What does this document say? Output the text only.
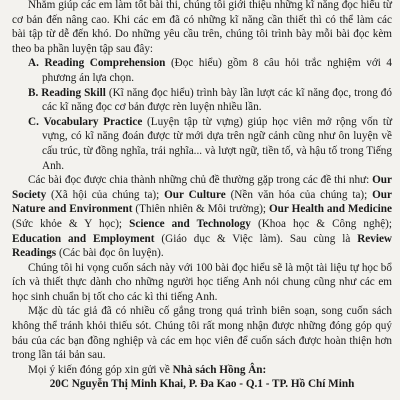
Nhằm giúp các em làm tốt bài thi, chúng tôi giới thiệu những kĩ năng đọc hiểu từ cơ bản đến nâng cao. Khi các em đã có những kĩ năng cần thiết thì có thể làm các bài tập từ dễ đến khó. Do những yêu cầu trên, chúng tôi trình bày mỗi bài đọc kèm theo ba phần luyện tập sau đây:

A. Reading Comprehension (Đọc hiểu) gồm 8 câu hỏi trắc nghiệm với 4 phương án lựa chọn.

B. Reading Skill (Kĩ năng đọc hiểu) trình bày lần lượt các kĩ năng đọc, trong đó các kĩ năng đọc cơ bản được rèn luyện nhiều lần.

C. Vocabulary Practice (Luyện tập từ vựng) giúp học viên mở rộng vốn từ vựng, có kĩ năng đoán được từ mới dựa trên ngữ cảnh cũng như ôn luyện về cấu trúc, từ đồng nghĩa, trái nghĩa... và lượt ngữ, tiền tố, và hậu tố trong Tiếng Anh.

Các bài đọc được chia thành những chủ đề thường gặp trong các đề thi như: Our Society (Xã hội của chúng ta); Our Culture (Nền văn hóa của chúng ta); Our Nature and Environment (Thiên nhiên & Môi trường); Our Health and Medicine (Sức khỏe & Y học); Science and Technology (Khoa học & Công nghệ); Education and Employment (Giáo dục & Việc làm). Sau cùng là Review Readings (Các bài đọc ôn luyện).

Chúng tôi hi vọng cuốn sách này với 100 bài đọc hiểu sẽ là một tài liệu tự học bổ ích và thiết thực dành cho những người học tiếng Anh nói chung cũng như các em học sinh chuẩn bị tốt cho các kì thi tiếng Anh.

Mặc dù tác giả đã có nhiều cố gắng trong quá trình biên soạn, song cuốn sách không thể tránh khỏi thiếu sót. Chúng tôi rất mong nhận được những đóng góp quý báu của các bạn đồng nghiệp và các em học viên để cuốn sách được hoàn thiện hơn trong lần tái bản sau.

Mọi ý kiến đóng góp xin gửi về Nhà sách Hồng Ân:

20C Nguyễn Thị Minh Khai, P. Đa Kao - Q.1 - TP. Hồ Chí Minh
